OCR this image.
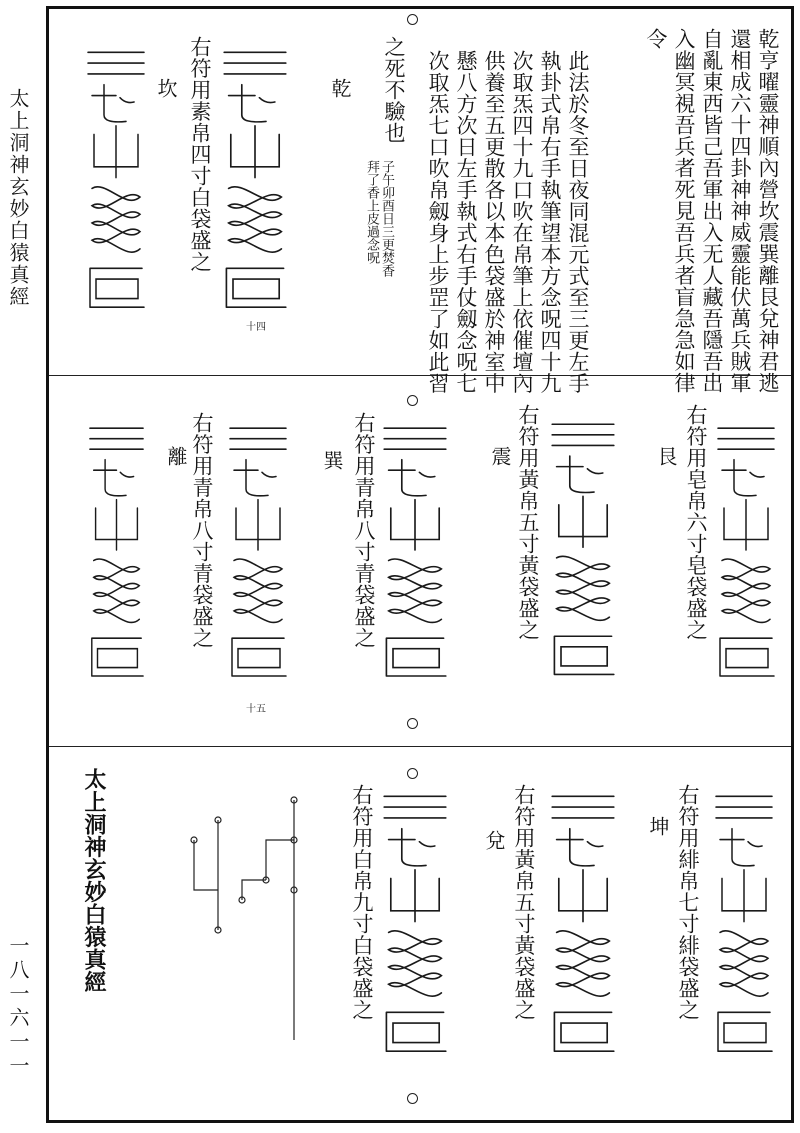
太上洞神玄妙白猿真經
一八一六一一
乾亨曜靈神順內營坎震巽離艮兌神君逃
還相成六十四卦神神威靈能伏萬兵賊軍
自亂東西皆己吾軍出入无人藏吾隱吾出
入幽冥視吾兵者死見吾兵者盲急急如律
令
此法於冬至日夜同混元式至三更左手
執卦式帛右手執筆望本方念呪四十九
次取炁四十九口吹在帛筆上依催壇內
供養至五更散各以本色袋盛於神室中
懸八方次日左手執式右手仗劔念呪七
次取炁七口吹帛劔身上步罡了如此習
之死不驗也
子午卯酉日三更焚香拜了香上皮過念呪
乾
右符用素帛四寸白袋盛之
坎
十四
右符用皂帛六寸皂袋盛之
艮
右符用黃帛五寸黃袋盛之
震
右符用青帛八寸青袋盛之
巽
右符用青帛八寸青袋盛之
離
十五
右符用緋帛七寸緋袋盛之
坤
右符用黃帛五寸黃袋盛之
兌
右符用白帛九寸白袋盛之
太上洞神玄妙白猿真經
